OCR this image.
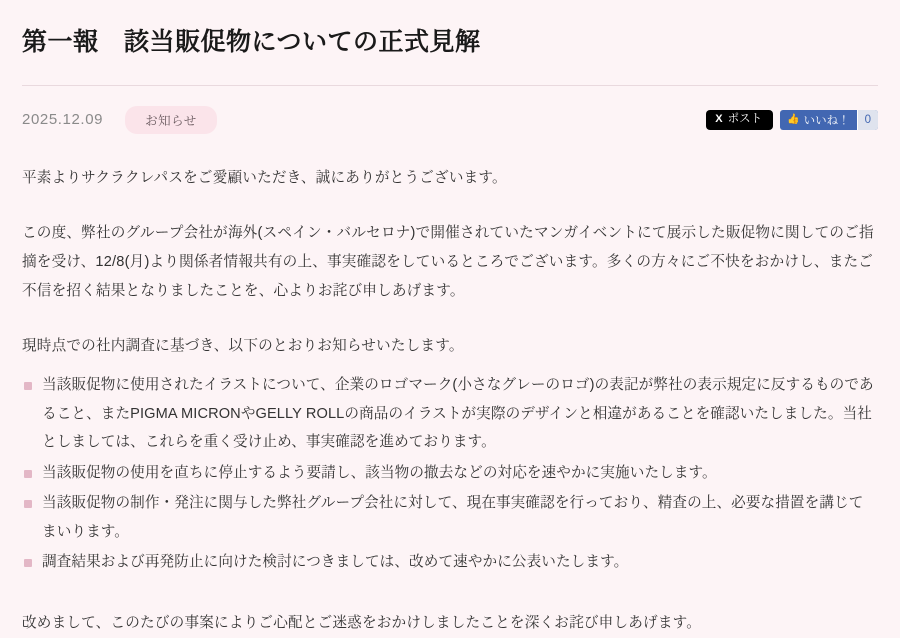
第一報　該当販促物についての正式見解
2025.12.09	お知らせ	X ポスト	👍 いいね！	0

平素よりサクラクレパスをご愛顧いただき、誠にありがとうございます。

この度、弊社のグループ会社が海外(スペイン・バルセロナ)で開催されていたマンガイベントにて展示した販促物に関してのご指摘を受け、12/8(月)より関係者情報共有の上、事実確認をしているところでございます。多くの方々にご不快をおかけし、またご不信を招く結果となりましたことを、心よりお詫び申しあげます。

現時点での社内調査に基づき、以下のとおりお知らせいたします。

当該販促物に使用されたイラストについて、企業のロゴマーク(小さなグレーのロゴ)の表記が弊社の表示規定に反するものであること、またPIGMA MICRONやGELLY ROLLの商品のイラストが実際のデザインと相違があることを確認いたしました。当社としましては、これらを重く受け止め、事実確認を進めております。
当該販促物の使用を直ちに停止するよう要請し、該当物の撤去などの対応を速やかに実施いたします。
当該販促物の制作・発注に関与した弊社グループ会社に対して、現在事実確認を行っており、精査の上、必要な措置を講じてまいります。
調査結果および再発防止に向けた検討につきましては、改めて速やかに公表いたします。

改めまして、このたびの事案によりご心配とご迷惑をおかけしましたことを深くお詫び申しあげます。
